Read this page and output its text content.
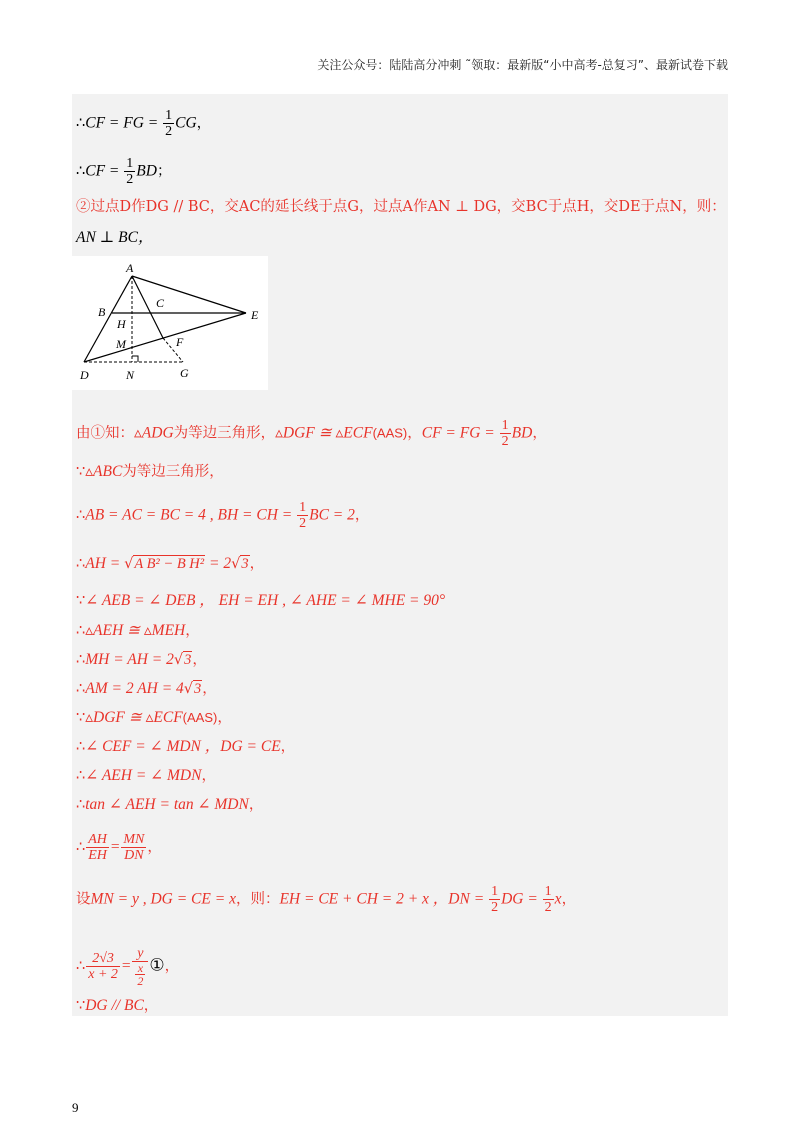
关注公众号：陆陆高分冲刺 ˜领取：最新版“小中高考-总复习”、最新试卷下载
∴CF = FG = $\frac{1}{2}$ CG，
∴CF = $\frac{1}{2}$ BD；
②过点D作DG // BC，交AC的延长线于点G，过点A作AN ⊥ DG，交BC于点H，交DE于点N，则：
AN ⊥ BC，
由①知：▵ADG为等边三角形，▵DGF ≅ ▵ECF(AAS)，CF = FG = $\frac{1}{2}$ BD，
∵▵ABC为等边三角形，
∴AB = AC = BC = 4 , BH = CH = $\frac{1}{2}$ BC = 2，
∴AH = √A B² − B H² = 2√3，
∵∠ AEB = ∠ DEB ， EH = EH , ∠ AHE = ∠ MHE = 90°
∴▵AEH ≅ ▵MEH，
∴MH = AH = 2√3，
∴AM = 2 AH = 4√3，
∵▵DGF ≅ ▵ECF(AAS)，
∴∠ CEF = ∠ MDN ，DG = CE，
∴∠ AEH = ∠ MDN，
∴tan ∠ AEH = tan ∠ MDN，
∴ $\frac{AH}{EH} = \frac{MN}{DN}$ ，
设MN = y , DG = CE = x，则：EH = CE + CH = 2 + x ，DN = $\frac{1}{2}$ DG = $\frac{1}{2}$ x，
∴ $\frac{2√3}{x + 2} = \frac{y}{\frac{x}{2}}$ ①，
∵DG // BC，
A
B
C
E
H
M	F
D	N	G
9
